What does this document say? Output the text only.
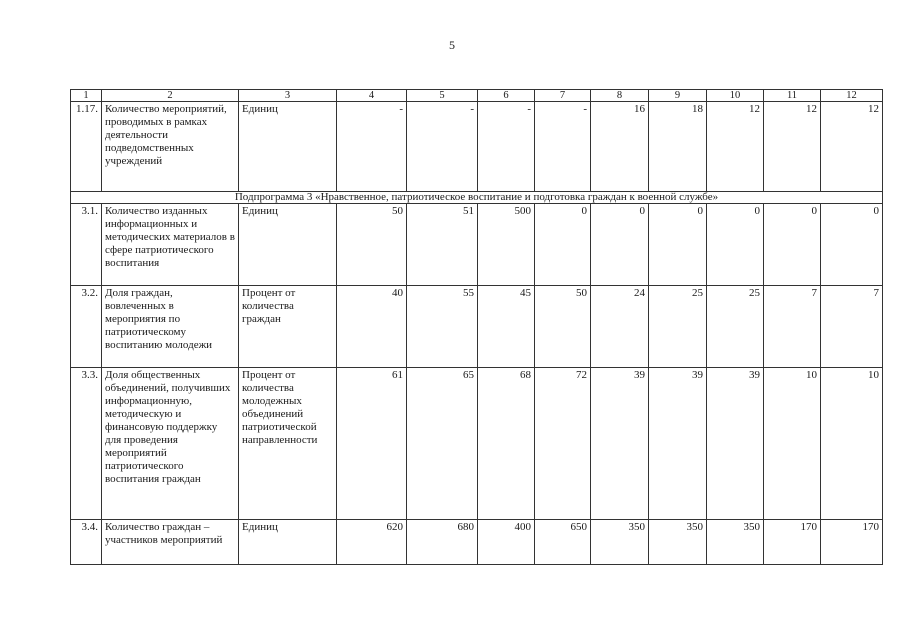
5
1	2	3	4	5	6	7	8	9	10	11	12
1.17.	Количество мероприятий, проводимых в рамках деятельности подведомственных учреждений	Единиц	-	-	-	-	16	18	12	12	12
Подпрограмма 3 «Нравственное, патриотическое воспитание и подготовка граждан к военной службе»											
3.1.	Количество изданных информационных и методических материалов в сфере патриотического воспитания	Единиц	50	51	500	0	0	0	0	0	0
3.2.	Доля граждан, вовлеченных в мероприятия по патриотическому воспитанию молодежи	Процент от количества граждан	40	55	45	50	24	25	25	7	7
3.3.	Доля общественных объединений, получивших информационную, методическую и финансовую поддержку для проведения мероприятий патриотического воспитания граждан	Процент от количества молодежных объединений патриотической направленности	61	65	68	72	39	39	39	10	10
3.4.	Количество граждан – участников мероприятий	Единиц	620	680	400	650	350	350	350	170	170
